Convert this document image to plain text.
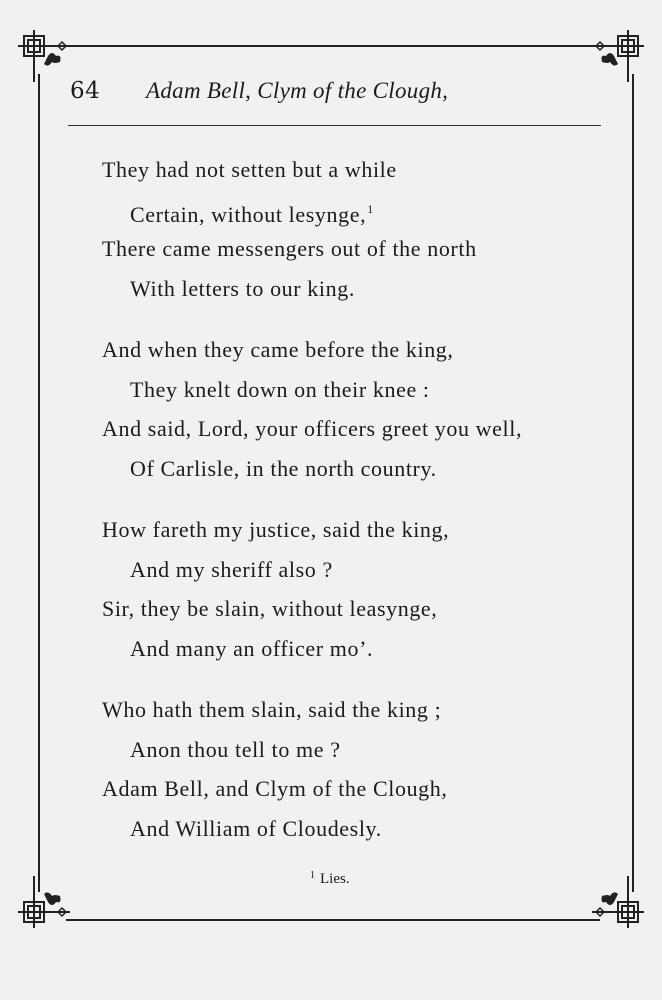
64 Adam Bell, Clym of the Clough,
They had not setten but a while
Certain, without lesynge,$^1$
There came messengers out of the north
With letters to our king.
And when they came before the king,
They knelt down on their knee :
And said, Lord, your officers greet you well,
Of Carlisle, in the north country.
How fareth my justice, said the king,
And my sheriff also ?
Sir, they be slain, without leasynge,
And many an officer mo’.
Who hath them slain, said the king ;
Anon thou tell to me ?
Adam Bell, and Clym of the Clough,
And William of Cloudesly.
$^1$ Lies.
